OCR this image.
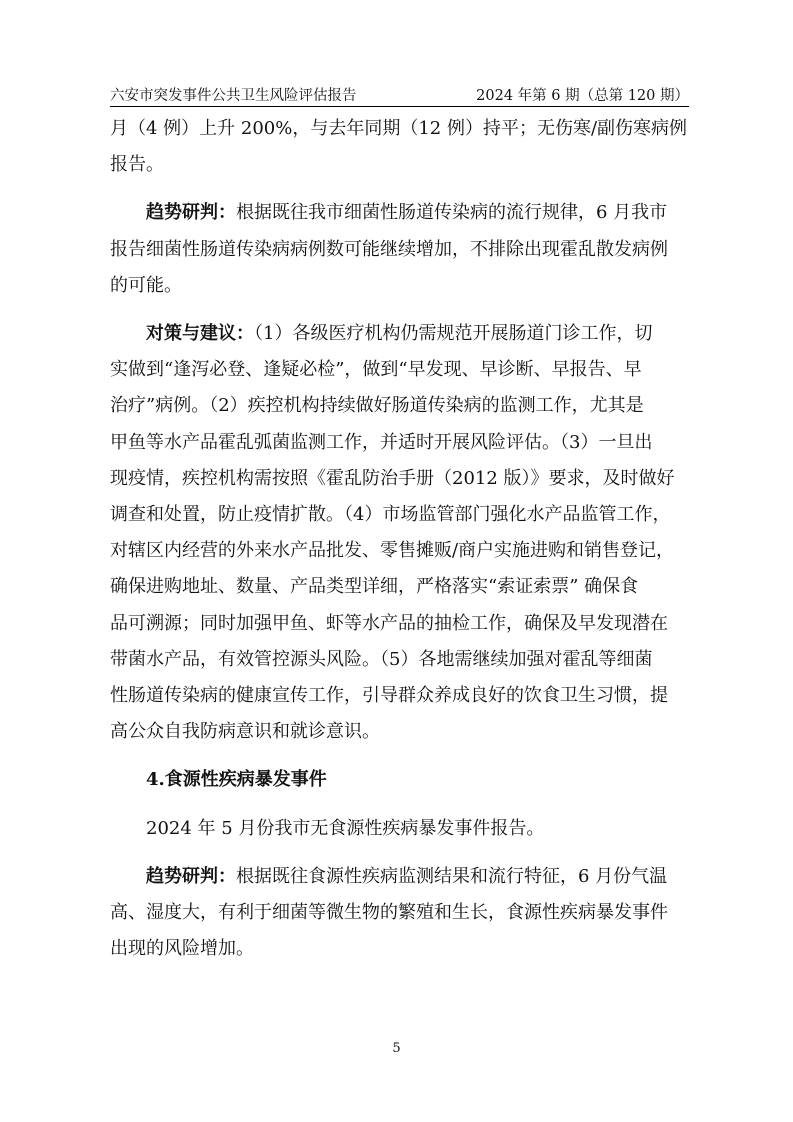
六安市突发事件公共卫生风险评估报告	2024 年第 6 期（总第 120 期）
月（4 例）上升 200%，与去年同期（12 例）持平；无伤寒/副伤寒病例
报告。
趋势研判：根据既往我市细菌性肠道传染病的流行规律，6 月我市
报告细菌性肠道传染病病例数可能继续增加，不排除出现霍乱散发病例
的可能。
对策与建议：（1）各级医疗机构仍需规范开展肠道门诊工作，切
实做到“逢泻必登、逢疑必检”，做到“早发现、早诊断、早报告、早
治疗”病例。（2）疾控机构持续做好肠道传染病的监测工作，尤其是
甲鱼等水产品霍乱弧菌监测工作，并适时开展风险评估。（3）一旦出
现疫情，疾控机构需按照《霍乱防治手册（2012 版）》要求，及时做好
调查和处置，防止疫情扩散。（4）市场监管部门强化水产品监管工作，
对辖区内经营的外来水产品批发、零售摊贩/商户实施进购和销售登记，
确保进购地址、数量、产品类型详细，严格落实“索证索票” 确保食
品可溯源；同时加强甲鱼、虾等水产品的抽检工作，确保及早发现潜在
带菌水产品，有效管控源头风险。（5）各地需继续加强对霍乱等细菌
性肠道传染病的健康宣传工作，引导群众养成良好的饮食卫生习惯，提
高公众自我防病意识和就诊意识。
4.食源性疾病暴发事件
2024 年 5 月份我市无食源性疾病暴发事件报告。
趋势研判：根据既往食源性疾病监测结果和流行特征，6 月份气温
高、湿度大，有利于细菌等微生物的繁殖和生长，食源性疾病暴发事件
出现的风险增加。
5
